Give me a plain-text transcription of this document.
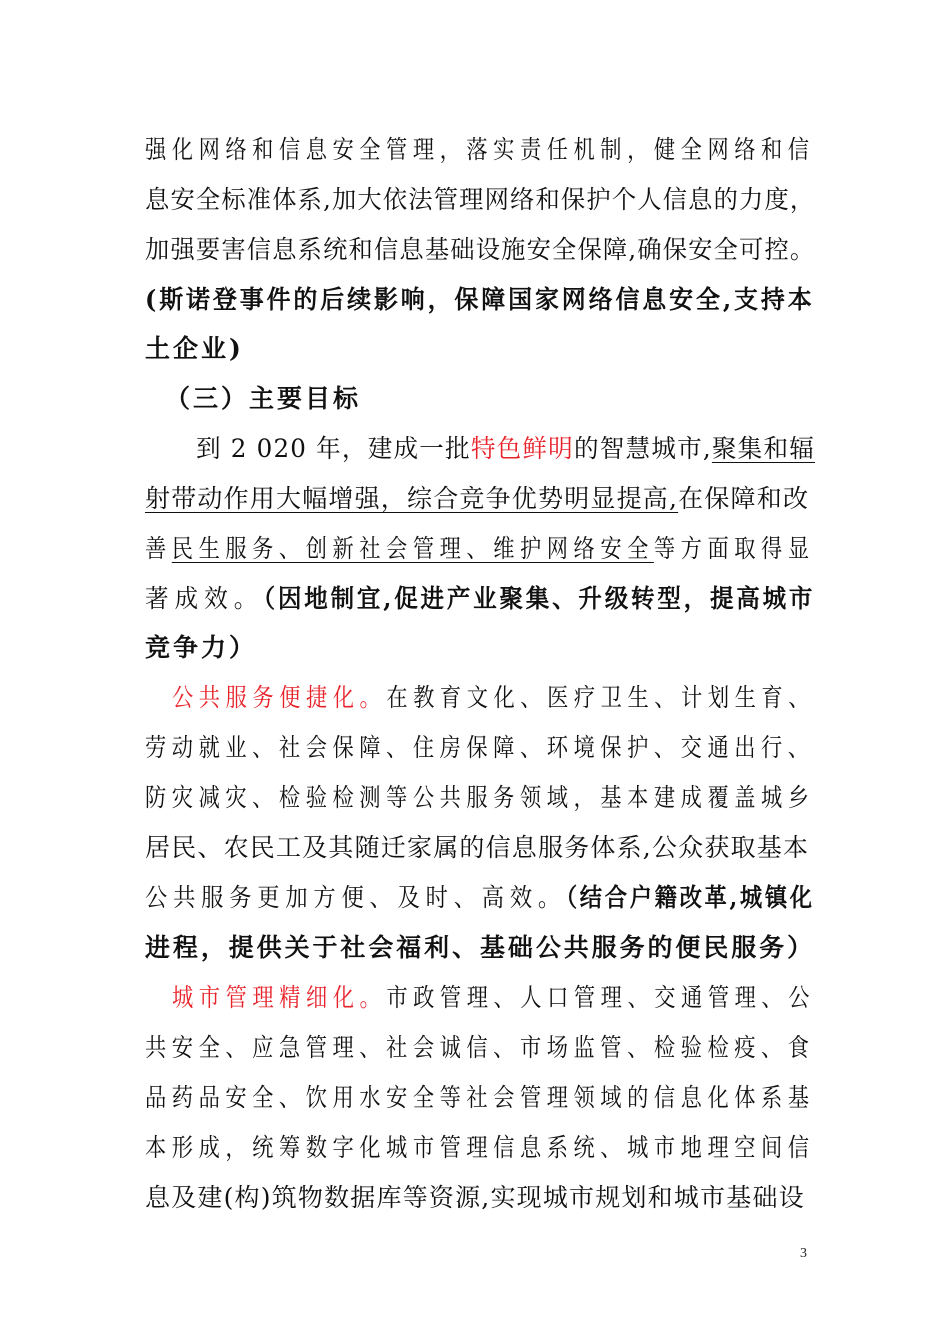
强化网络和信息安全管理，落实责任机制，健全网络和信
息安全标准体系,加大依法管理网络和保护个人信息的力度，
加强要害信息系统和信息基础设施安全保障,确保安全可控。
(斯诺登事件的后续影响，保障国家网络信息安全,支持本
土企业)
（三）主要目标
到 2 020 年，建成一批特色鲜明的智慧城市,聚集和辐
射带动作用大幅增强，综合竞争优势明显提高,在保障和改
善民生服务、创新社会管理、维护网络安全等方面取得显
著成效。（因地制宜,促进产业聚集、升级转型，提高城市
竞争力）
公共服务便捷化。在教育文化、医疗卫生、计划生育、
劳动就业、社会保障、住房保障、环境保护、交通出行、
防灾减灾、检验检测等公共服务领域，基本建成覆盖城乡
居民、农民工及其随迁家属的信息服务体系,公众获取基本
公共服务更加方便、及时、高效。（结合户籍改革,城镇化
进程，提供关于社会福利、基础公共服务的便民服务）
城市管理精细化。市政管理、人口管理、交通管理、公
共安全、应急管理、社会诚信、市场监管、检验检疫、食
品药品安全、饮用水安全等社会管理领域的信息化体系基
本形成，统筹数字化城市管理信息系统、城市地理空间信
息及建(构)筑物数据库等资源,实现城市规划和城市基础设
3
